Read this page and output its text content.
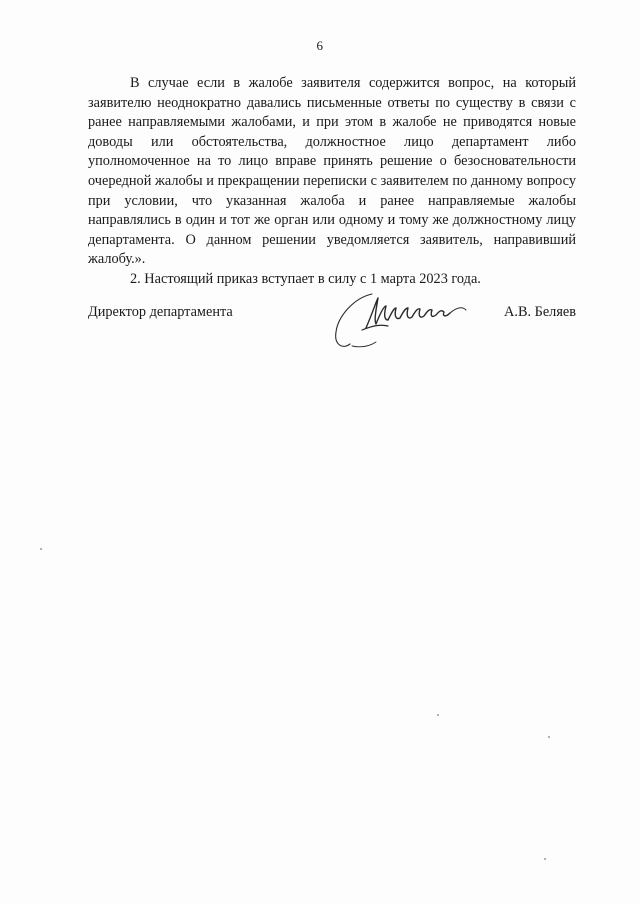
6

В случае если в жалобе заявителя содержится вопрос, на который заявителю неоднократно давались письменные ответы по существу в связи с ранее направляемыми жалобами, и при этом в жалобе не приводятся новые доводы или обстоятельства, должностное лицо департамент либо уполномоченное на то лицо вправе принять решение о безосновательности очередной жалобы и прекращении переписки с заявителем по данному вопросу при условии, что указанная жалоба и ранее направляемые жалобы направлялись в один и тот же орган или одному и тому же должностному лицу департамента. О данном решении уведомляется заявитель, направивший жалобу.».

2. Настоящий приказ вступает в силу с 1 марта 2023 года.

Директор департамента	А.В. Беляев
